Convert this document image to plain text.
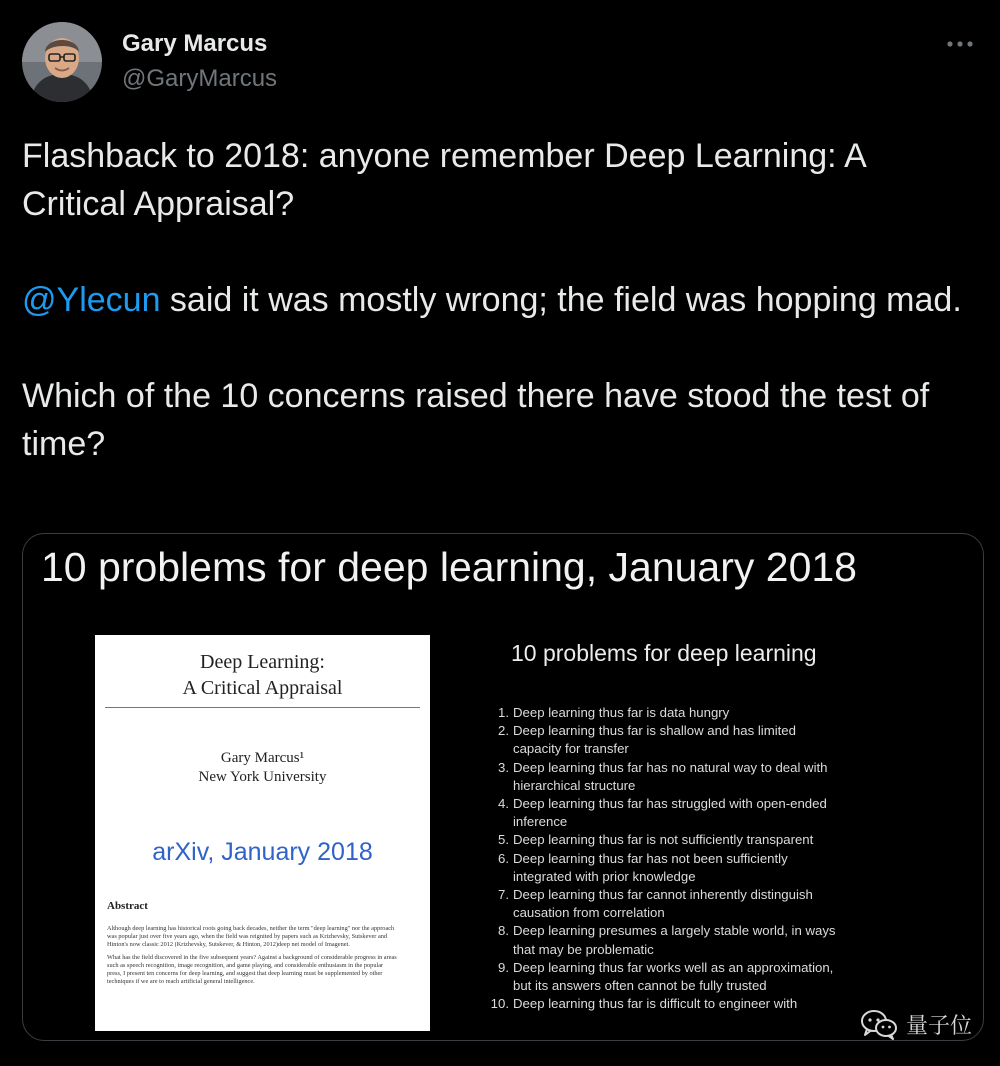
Gary Marcus
@GaryMarcus

Flashback to 2018: anyone remember Deep Learning: A Critical Appraisal?

@Ylecun said it was mostly wrong; the field was hopping mad.

Which of the 10 concerns raised there have stood the test of time?

10 problems for deep learning, January 2018
Deep Learning:
A Critical Appraisal
Gary Marcus¹
New York University
arXiv, January 2018
Abstract

Although deep learning has historical roots going back decades, neither the term "deep learning" nor the approach was popular just over five years ago, when the field was reignited by papers such as Krizhevsky, Sutskever and Hinton's now classic 2012 (Krizhevsky, Sutskever, & Hinton, 2012)deep net model of Imagenet.

What has the field discovered in the five subsequent years? Against a background of considerable progress in areas such as speech recognition, image recognition, and game playing, and considerable enthusiasm in the popular press, I present ten concerns for deep learning, and suggest that deep learning must be supplemented by other techniques if we are to reach artificial general intelligence.

10 problems for deep learning
1. Deep learning thus far is data hungry
2. Deep learning thus far is shallow and has limited
capacity for transfer
3. Deep learning thus far has no natural way to deal with
hierarchical structure
4. Deep learning thus far has struggled with open-ended
inference
5. Deep learning thus far is not sufficiently transparent
6. Deep learning thus far has not been sufficiently
integrated with prior knowledge
7. Deep learning thus far cannot inherently distinguish
causation from correlation
8. Deep learning presumes a largely stable world, in ways
that may be problematic
9. Deep learning thus far works well as an approximation,
but its answers often cannot be fully trusted
10. Deep learning thus far is difficult to engineer with
量子位
